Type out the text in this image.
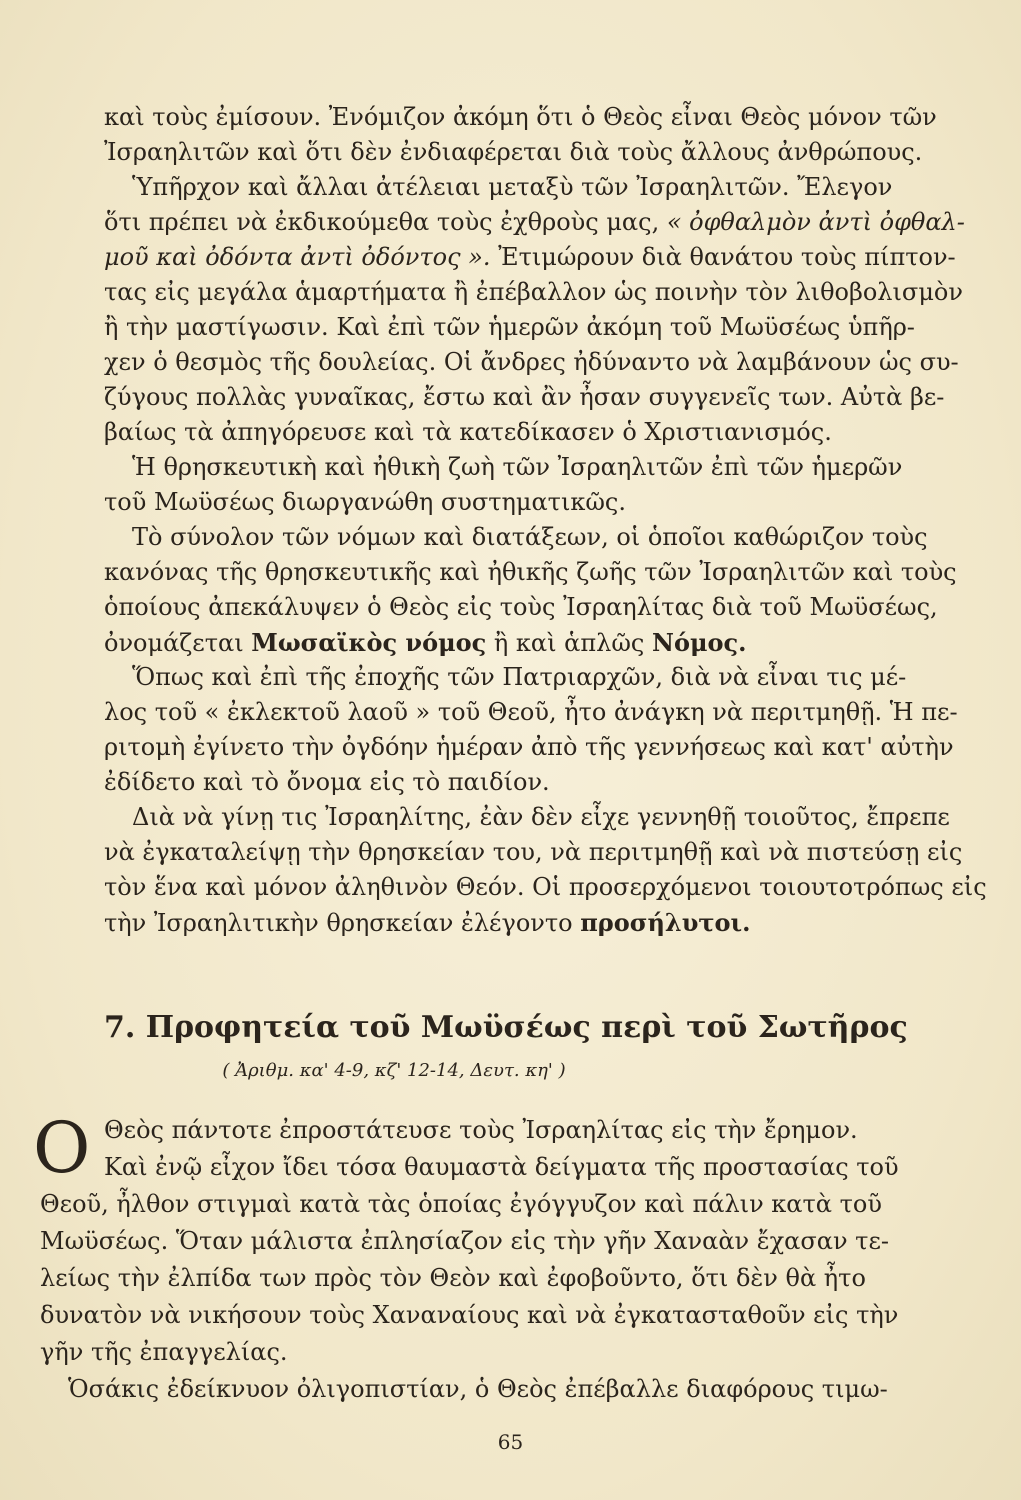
καὶ τοὺς ἐμίσουν. Ἐνόμιζον ἀκόμη ὅτι ὁ Θεὸς εἶναι Θεὸς μόνον τῶν
Ἰσραηλιτῶν καὶ ὅτι δὲν ἐνδιαφέρεται διὰ τοὺς ἄλλους ἀνθρώπους.
Ὑπῆρχον καὶ ἄλλαι ἀτέλειαι μεταξὺ τῶν Ἰσραηλιτῶν. Ἔλεγον
ὅτι πρέπει νὰ ἐκδικούμεθα τοὺς ἐχθροὺς μας, « ὀφθαλμὸν ἀντὶ ὀφθαλ-
μοῦ καὶ ὀδόντα ἀντὶ ὀδόντος ». Ἐτιμώρουν διὰ θανάτου τοὺς πίπτον-
τας εἰς μεγάλα ἁμαρτήματα ἢ ἐπέβαλλον ὡς ποινὴν τὸν λιθοβολισμὸν
ἢ τὴν μαστίγωσιν. Καὶ ἐπὶ τῶν ἡμερῶν ἀκόμη τοῦ Μωϋσέως ὑπῆρ-
χεν ὁ θεσμὸς τῆς δουλείας. Οἱ ἄνδρες ἠδύναντο νὰ λαμβάνουν ὡς συ-
ζύγους πολλὰς γυναῖκας, ἔστω καὶ ἂν ἦσαν συγγενεῖς των. Αὐτὰ βε-
βαίως τὰ ἀπηγόρευσε καὶ τὰ κατεδίκασεν ὁ Χριστιανισμός.
Ἡ θρησκευτικὴ καὶ ἠθικὴ ζωὴ τῶν Ἰσραηλιτῶν ἐπὶ τῶν ἡμερῶν
τοῦ Μωϋσέως διωργανώθη συστηματικῶς.
Τὸ σύνολον τῶν νόμων καὶ διατάξεων, οἱ ὁποῖοι καθώριζον τοὺς
κανόνας τῆς θρησκευτικῆς καὶ ἠθικῆς ζωῆς τῶν Ἰσραηλιτῶν καὶ τοὺς
ὁποίους ἀπεκάλυψεν ὁ Θεὸς εἰς τοὺς Ἰσραηλίτας διὰ τοῦ Μωϋσέως,
ὀνομάζεται Μωσαϊκὸς νόμος ἢ καὶ ἁπλῶς Νόμος.
Ὅπως καὶ ἐπὶ τῆς ἐποχῆς τῶν Πατριαρχῶν, διὰ νὰ εἶναι τις μέ-
λος τοῦ « ἐκλεκτοῦ λαοῦ » τοῦ Θεοῦ, ἦτο ἀνάγκη νὰ περιτμηθῇ. Ἡ πε-
ριτομὴ ἐγίνετο τὴν ὀγδόην ἡμέραν ἀπὸ τῆς γεννήσεως καὶ κατ' αὐτὴν
ἐδίδετο καὶ τὸ ὄνομα εἰς τὸ παιδίον.
Διὰ νὰ γίνῃ τις Ἰσραηλίτης, ἐὰν δὲν εἶχε γεννηθῇ τοιοῦτος, ἔπρεπε
νὰ ἐγκαταλείψῃ τὴν θρησκείαν του, νὰ περιτμηθῇ καὶ νὰ πιστεύσῃ εἰς
τὸν ἕνα καὶ μόνον ἀληθινὸν Θεόν. Οἱ προσερχόμενοι τοιουτοτρόπως εἰς
τὴν Ἰσραηλιτικὴν θρησκείαν ἐλέγοντο προσήλυτοι.
7. Προφητεία τοῦ Μωϋσέως περὶ τοῦ Σωτῆρος
( Ἀριθμ. κα' 4-9, κζ' 12-14, Δευτ. κη' )
Ο Θεὸς πάντοτε ἐπροστάτευσε τοὺς Ἰσραηλίτας εἰς τὴν ἔρημον.
Καὶ ἐνῷ εἶχον ἴδει τόσα θαυμαστὰ δείγματα τῆς προστασίας τοῦ
Θεοῦ, ἦλθον στιγμαὶ κατὰ τὰς ὁποίας ἐγόγγυζον καὶ πάλιν κατὰ τοῦ
Μωϋσέως. Ὅταν μάλιστα ἐπλησίαζον εἰς τὴν γῆν Χαναὰν ἔχασαν τε-
λείως τὴν ἐλπίδα των πρὸς τὸν Θεὸν καὶ ἐφοβοῦντο, ὅτι δὲν θὰ ἦτο
δυνατὸν νὰ νικήσουν τοὺς Χαναναίους καὶ νὰ ἐγκατασταθοῦν εἰς τὴν
γῆν τῆς ἐπαγγελίας.
Ὁσάκις ἐδείκνυον ὀλιγοπιστίαν, ὁ Θεὸς ἐπέβαλλε διαφόρους τιμω-
65
